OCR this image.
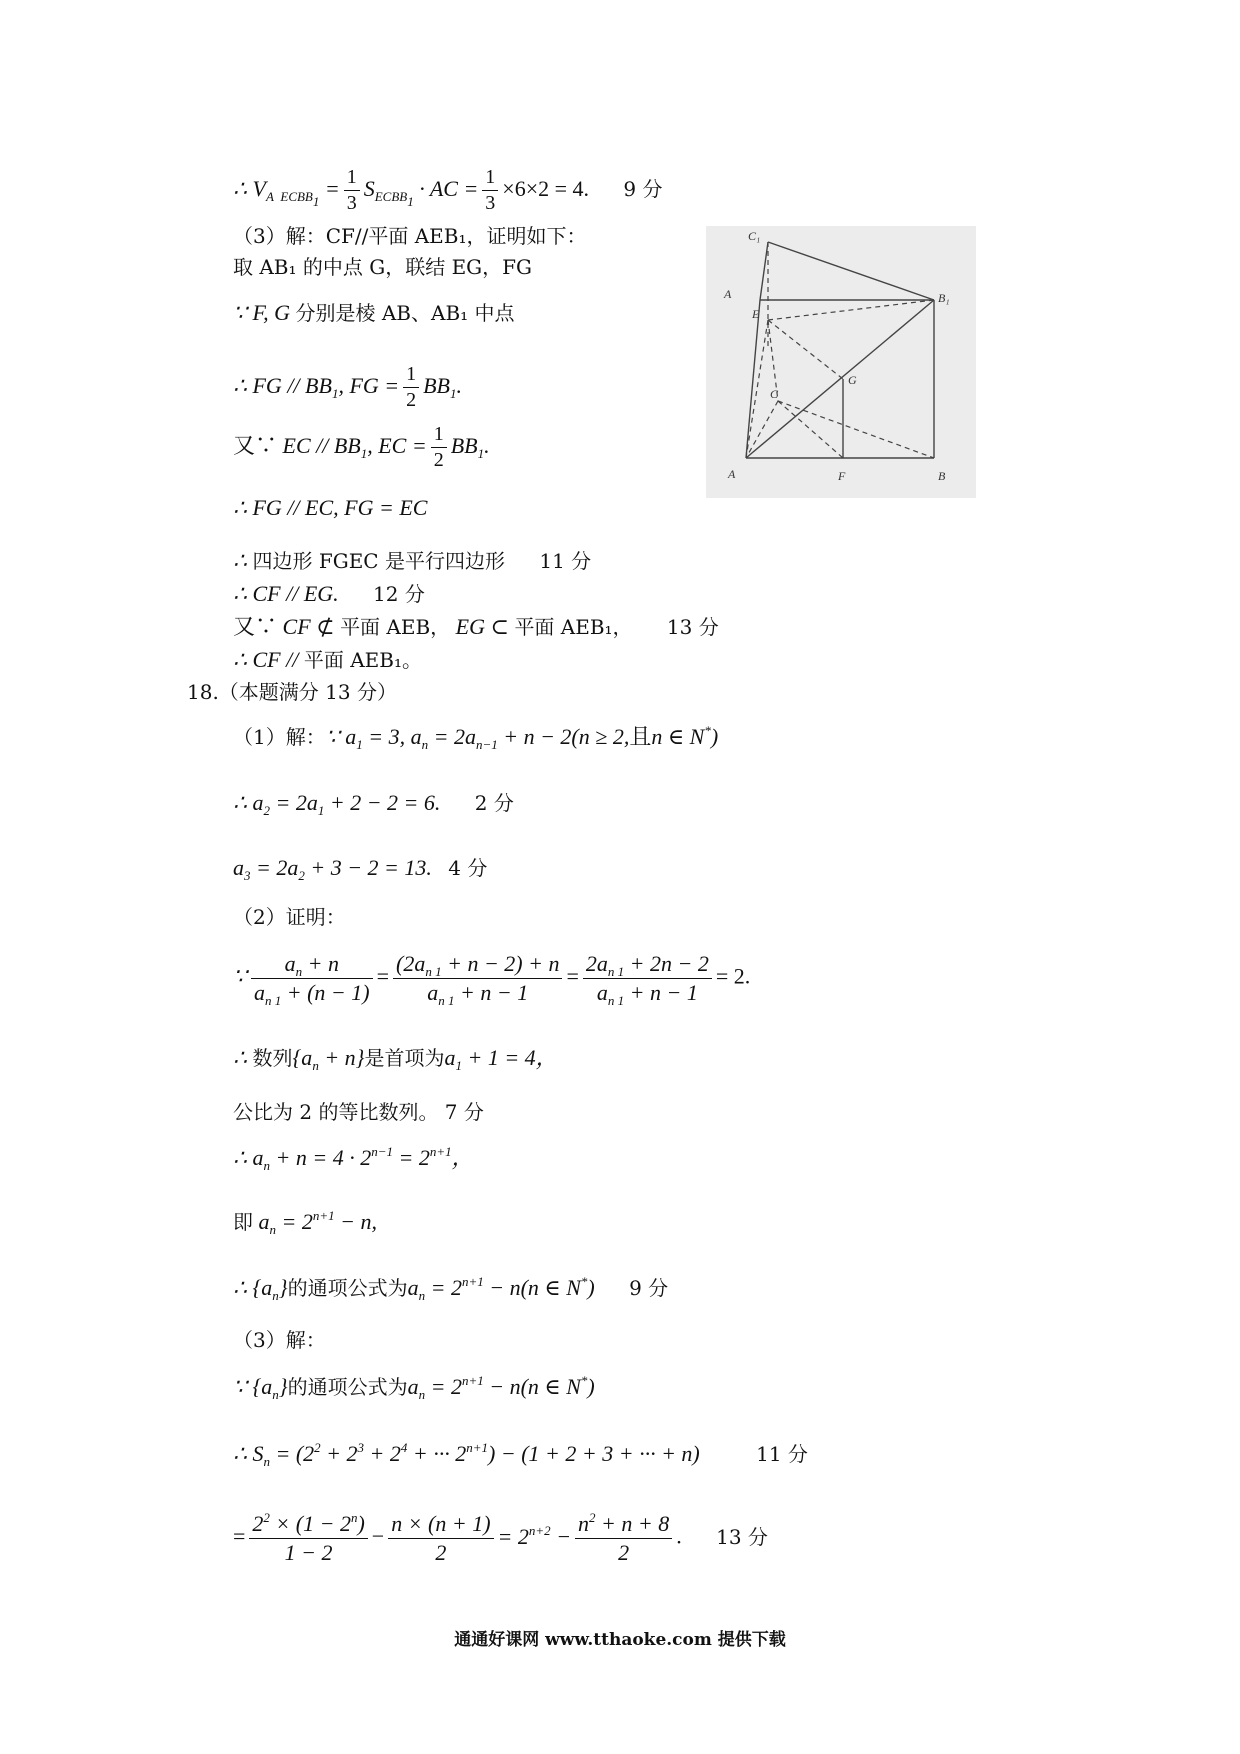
∴ $V_{A ECBB_1} = \frac{1}{3} S_{ECBB_1}$ · AC = $\frac{1}{3} \times 6\times 2 = 4$. 9 分
（3）解：CF//平面 AEB₁，证明如下：
取 AB₁ 的中点 G，联结 EG，FG
∵ F, G 分别是棱 AB、AB₁ 中点
∴ FG // $BB_1$, FG = $\frac{1}{2} BB_1$.
又∵ EC // $BB_1$, EC = $\frac{1}{2} BB_1$.
∴ FG // EC, FG = EC
∴ 四边形 FGEC 是平行四边形 11 分
∴ CF // EG. 12 分
又∵ CF ⊄ 平面 AEB， EG ⊂ 平面 AEB₁， 13 分
∴ CF // 平面 AEB₁。
18.（本题满分 13 分）
（1）解：∵ $a_1 = 3$, $a_n = 2a_{n-1} + n - 2(n \ge 2$,且n ∈ N*)
∴ $a_2 = 2a_1 + 2 - 2 = 6$. 2 分
$a_3 = 2a_2 + 3 - 2 = 13$. 4 分
（2）证明：
∵ $\frac{a_n + n}{a_{n 1} + (n - 1)} = \frac{(2a_{n 1} + n - 2) + n}{a_{n 1} + n - 1} = \frac{2a_{n 1} + 2n - 2}{a_{n 1} + n - 1} = 2$.
∴ 数列$\{a_n + n\}$是首项为$a_1 + 1 = 4$，
公比为 2 的等比数列。 7 分
∴ $a_n + n = 4 \cdot 2^{n-1} = 2^{n+1}$，
即 $a_n = 2^{n+1} - n$,
∴ $\{a_n\}$的通项公式为$a_n = 2^{n+1} - n(n$ ∈ N*) 9 分
（3）解：
∵ $\{a_n\}$的通项公式为$a_n = 2^{n+1} - n(n$ ∈ N*)
∴ $S_n = (2^2 + 2^3 + 2^4$ + ··· $2^{n+1}) - (1 + 2 + 3$ + ··· + n)	11 分
= $\frac{2^2 \times (1 - 2^n)}{1 - 2} - \frac{n \times (n + 1)}{2} = 2^{n+2} - \frac{n^2 + n + 8}{2}$ . 13 分
C₁
A
E
B₁
C
G
A	F	B
通通好课网 www.tthaoke.com 提供下载
